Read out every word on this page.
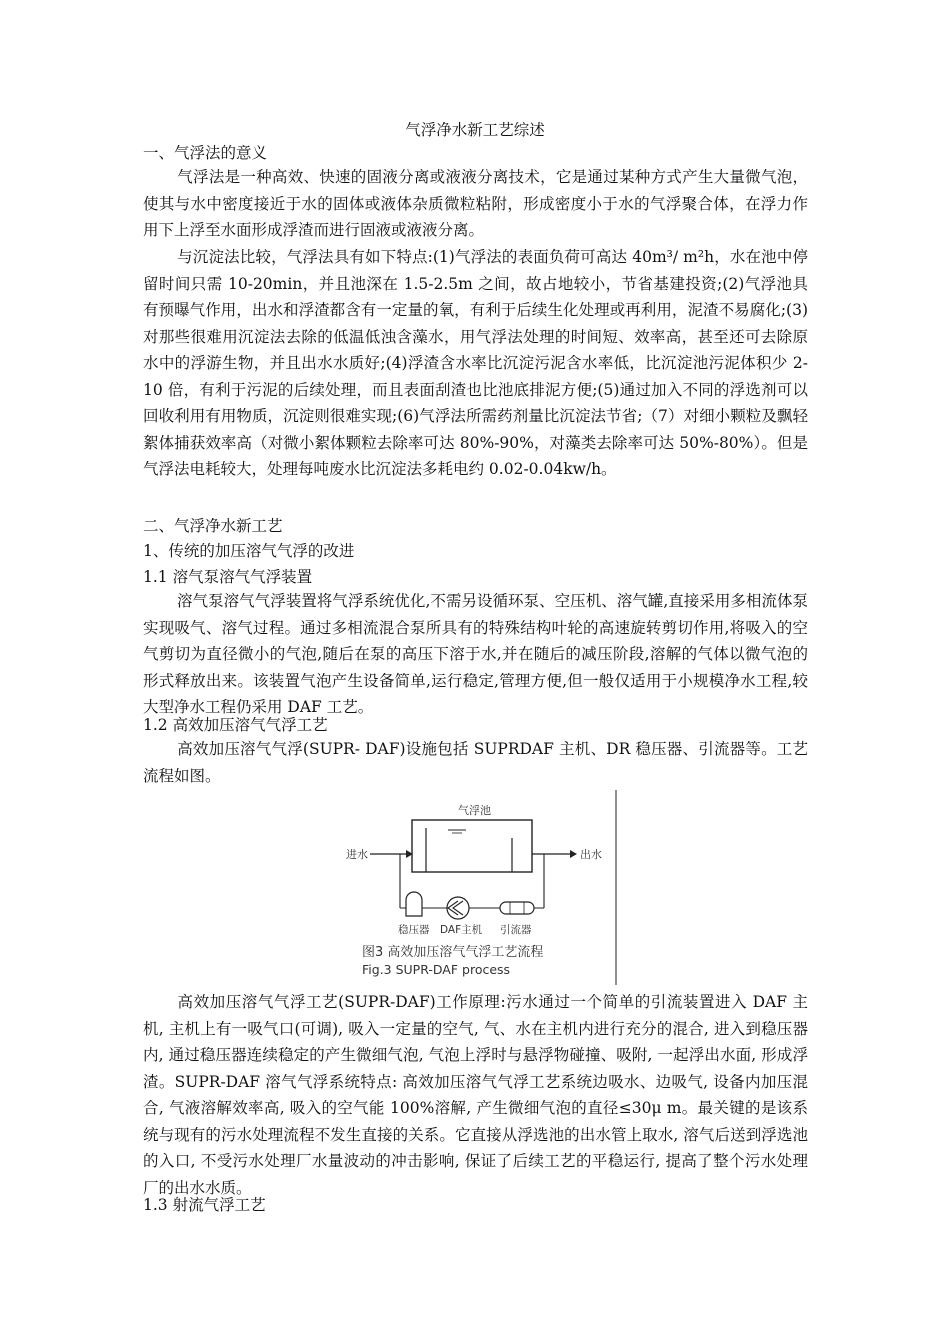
气浮净水新工艺综述
一、气浮法的意义
气浮法是一种高效、快速的固液分离或液液分离技术，它是通过某种方式产生大量微气泡，使其与水中密度接近于水的固体或液体杂质微粒粘附，形成密度小于水的气浮聚合体，在浮力作用下上浮至水面形成浮渣而进行固液或液液分离。
与沉淀法比较，气浮法具有如下特点:(1)气浮法的表面负荷可高达 40m³/ m²h，水在池中停留时间只需 10-20min，并且池深在 1.5-2.5m 之间，故占地较小，节省基建投资;(2)气浮池具有预曝气作用，出水和浮渣都含有一定量的氧，有利于后续生化处理或再利用，泥渣不易腐化;(3)对那些很难用沉淀法去除的低温低浊含藻水，用气浮法处理的时间短、效率高，甚至还可去除原水中的浮游生物，并且出水水质好;(4)浮渣含水率比沉淀污泥含水率低，比沉淀池污泥体积少 2-10 倍，有利于污泥的后续处理，而且表面刮渣也比池底排泥方便;(5)通过加入不同的浮选剂可以回收利用有用物质，沉淀则很难实现;(6)气浮法所需药剂量比沉淀法节省;（7）对细小颗粒及飘轻絮体捕获效率高（对微小絮体颗粒去除率可达 80%-90%，对藻类去除率可达 50%-80%）。但是气浮法电耗较大，处理每吨废水比沉淀法多耗电约 0.02-0.04kw/h。
二、气浮净水新工艺
1、传统的加压溶气气浮的改进
1.1 溶气泵溶气气浮装置
溶气泵溶气气浮装置将气浮系统优化,不需另设循环泵、空压机、溶气罐,直接采用多相流体泵实现吸气、溶气过程。通过多相流混合泵所具有的特殊结构叶轮的高速旋转剪切作用,将吸入的空气剪切为直径微小的气泡,随后在泵的高压下溶于水,并在随后的减压阶段,溶解的气体以微气泡的形式释放出来。该装置气泡产生设备简单,运行稳定,管理方便,但一般仅适用于小规模净水工程,较大型净水工程仍采用 DAF 工艺。
1.2 高效加压溶气气浮工艺
高效加压溶气气浮(SUPR- DAF)设施包括 SUPRDAF 主机、DR 稳压器、引流器等。工艺流程如图。
气浮池
进水	出水
稳压器 DAF主机 引流器
图3 高效加压溶气气浮工艺流程
Fig.3 SUPR-DAF process
高效加压溶气气浮工艺(SUPR-DAF)工作原理:污水通过一个简单的引流装置进入 DAF 主机, 主机上有一吸气口(可调), 吸入一定量的空气, 气、水在主机内进行充分的混合, 进入到稳压器内, 通过稳压器连续稳定的产生微细气泡, 气泡上浮时与悬浮物碰撞、吸附, 一起浮出水面, 形成浮渣。SUPR-DAF 溶气气浮系统特点: 高效加压溶气气浮工艺系统边吸水、边吸气, 设备内加压混合, 气液溶解效率高, 吸入的空气能 100%溶解, 产生微细气泡的直径≤30μ m。最关键的是该系统与现有的污水处理流程不发生直接的关系。它直接从浮选池的出水管上取水, 溶气后送到浮选池的入口, 不受污水处理厂水量波动的冲击影响, 保证了后续工艺的平稳运行, 提高了整个污水处理厂的出水水质。
1.3 射流气浮工艺
